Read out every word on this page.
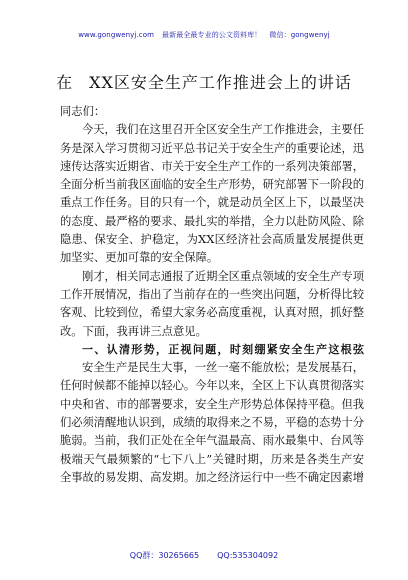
www.gongwenyj.com 最新最全最专业的公文资料库！ 微信：gongwenyj
在 XX区安全生产工作推进会上的讲话
同志们：
今天，我们在这里召开全区安全生产工作推进会，主要任
务是深入学习贯彻习近平总书记关于安全生产的重要论述，迅
速传达落实近期省、市关于安全生产工作的一系列决策部署，
全面分析当前我区面临的安全生产形势，研究部署下一阶段的
重点工作任务。目的只有一个，就是动员全区上下，以最坚决
的态度、最严格的要求、最扎实的举措，全力以赴防风险、除
隐患、保安全、护稳定，为XX区经济社会高质量发展提供更
加坚实、更加可靠的安全保障。
刚才，相关同志通报了近期全区重点领域的安全生产专项
工作开展情况，指出了当前存在的一些突出问题，分析得比较
客观、比较到位，希望大家务必高度重视，认真对照，抓好整
改。下面，我再讲三点意见。
一、认清形势，正视问题，时刻绷紧安全生产这根弦
安全生产是民生大事，一丝一毫不能放松；是发展基石，
任何时候都不能掉以轻心。今年以来，全区上下认真贯彻落实
中央和省、市的部署要求，安全生产形势总体保持平稳。但我
们必须清醒地认识到，成绩的取得来之不易，平稳的态势十分
脆弱。当前，我们正处在全年气温最高、雨水最集中、台风等
极端天气最频繁的“七下八上”关键时期，历来是各类生产安
全事故的易发期、高发期。加之经济运行中一些不确定因素增
QQ群：30265665 QQ:535304092
